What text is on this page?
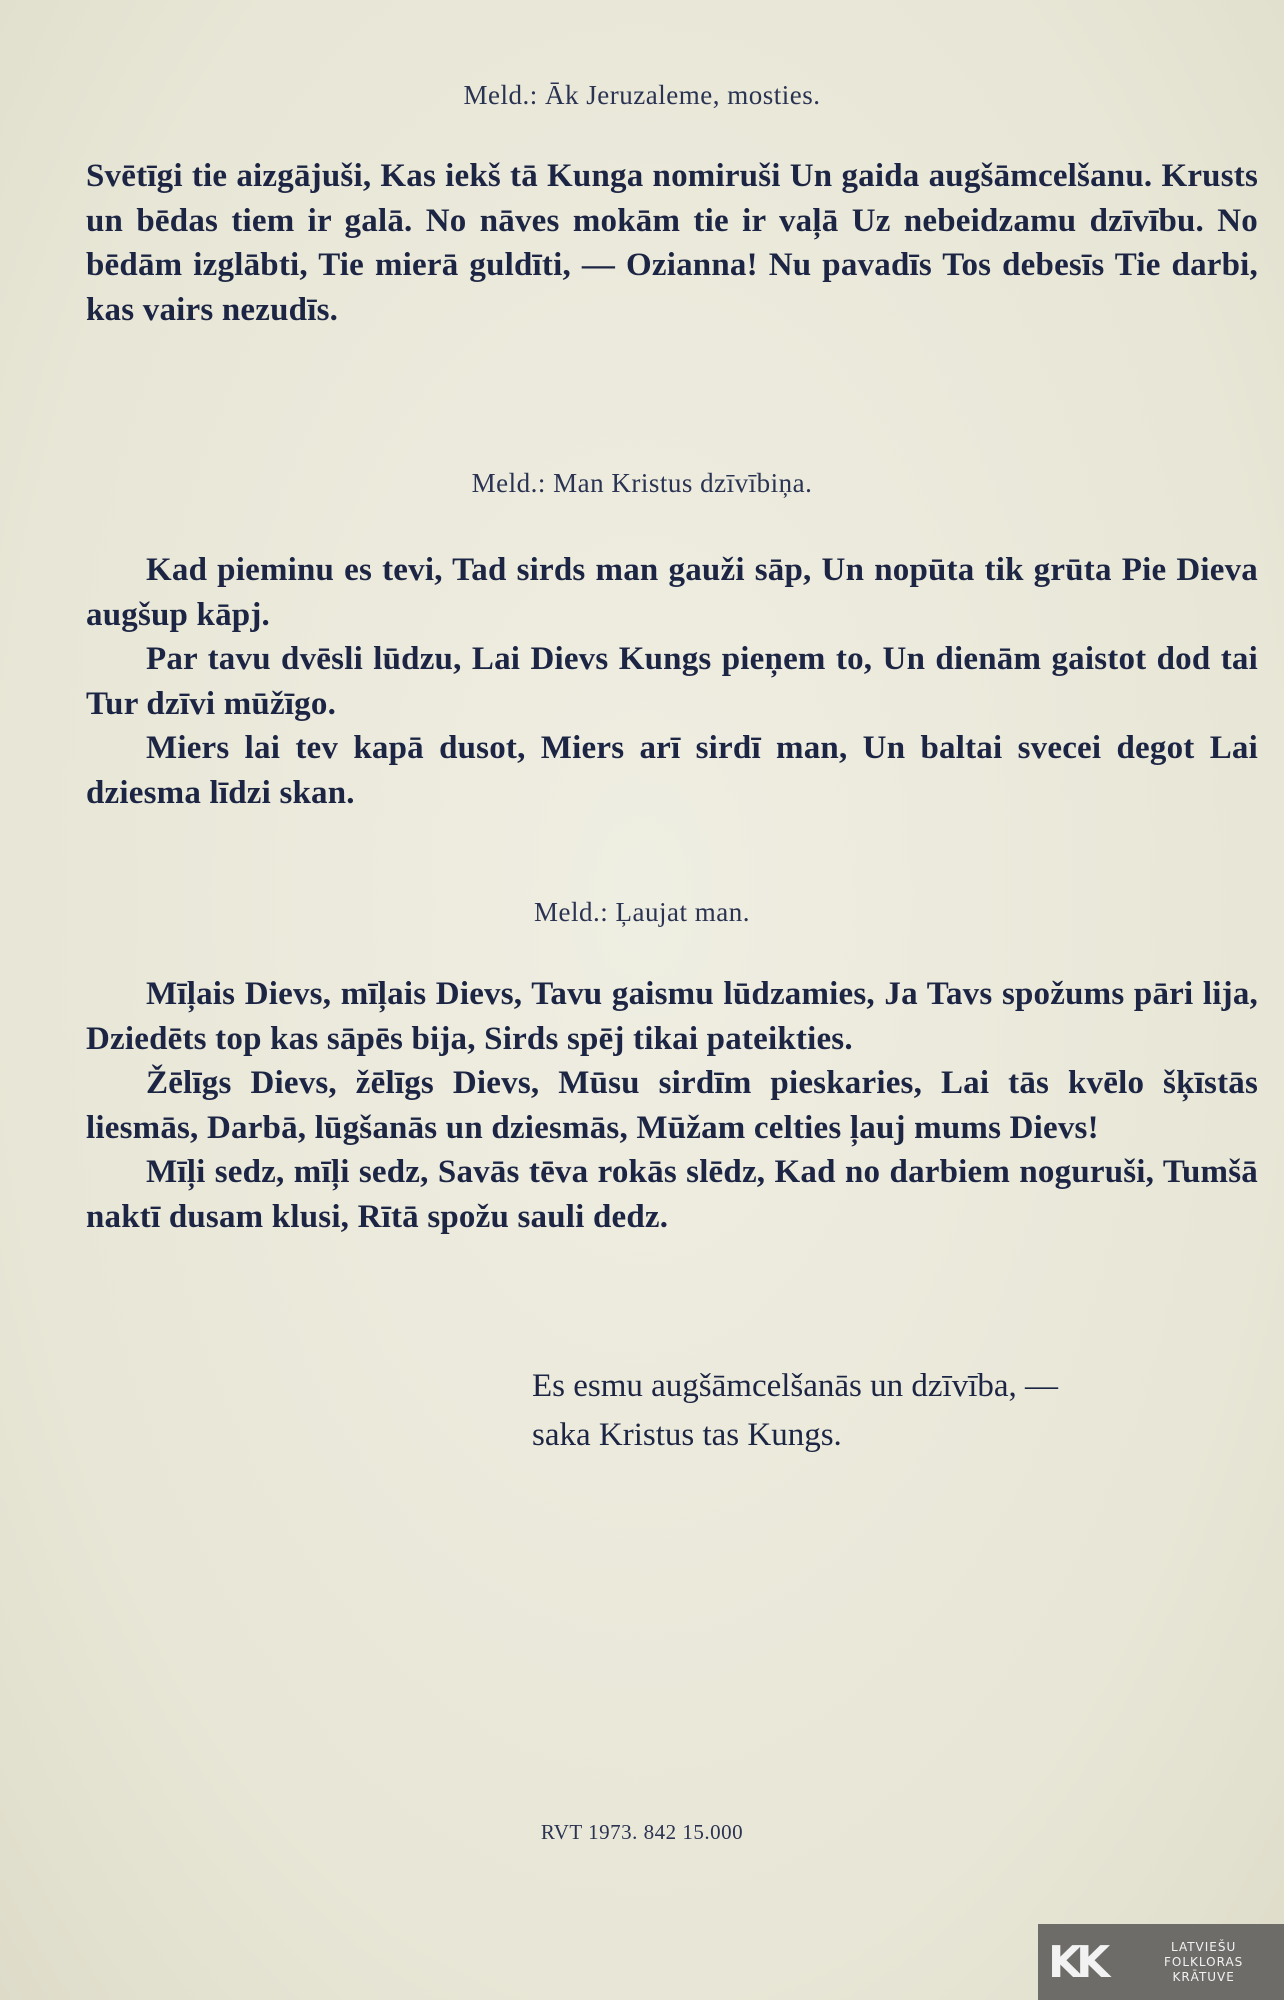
Meld.: Āk Jeruzaleme, mosties.

Svētīgi tie aizgājuši, Kas iekš tā Kunga nomiruši Un gaida augšāmcelšanu. Krusts un bēdas tiem ir galā. No nāves mokām tie ir vaļā Uz nebeidzamu dzīvību. No bēdām izglābti, Tie mierā guldīti, — Ozianna! Nu pavadīs Tos debesīs Tie darbi, kas vairs nezudīs.

Meld.: Man Kristus dzīvībiņa.

Kad pieminu es tevi, Tad sirds man gauži sāp, Un nopūta tik grūta Pie Dieva augšup kāpj.

Par tavu dvēsli lūdzu, Lai Dievs Kungs pieņem to, Un dienām gaistot dod tai Tur dzīvi mūžīgo.

Miers lai tev kapā dusot, Miers arī sirdī man, Un baltai svecei degot Lai dziesma līdzi skan.

Meld.: Ļaujat man.

Mīļais Dievs, mīļais Dievs, Tavu gaismu lūdzamies, Ja Tavs spožums pāri lija, Dziedēts top kas sāpēs bija, Sirds spēj tikai pateikties.

Žēlīgs Dievs, žēlīgs Dievs, Mūsu sirdīm pieskaries, Lai tās kvēlo šķīstās liesmās, Darbā, lūgšanās un dziesmās, Mūžam celties ļauj mums Dievs!

Mīļi sedz, mīļi sedz, Savās tēva rokās slēdz, Kad no darbiem noguruši, Tumšā naktī dusam klusi, Rītā spožu sauli dedz.

Es esmu augšāmcelšanās un dzīvība, —
saka Kristus tas Kungs.
RVT 1973. 842 15.000
KK	LATVIEŠU
FOLKLORAS
KRĀTUVE
